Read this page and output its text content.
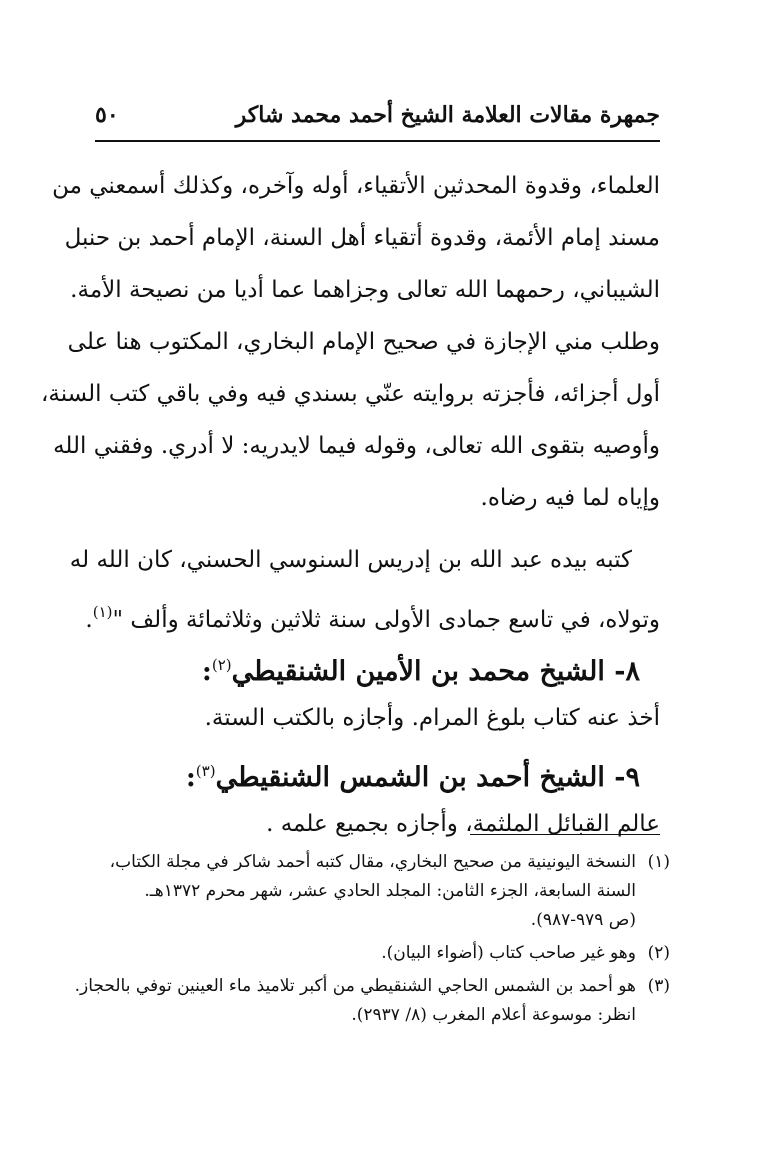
جمهرة مقالات العلامة الشيخ أحمد محمد شاكر
٥٠
العلماء، وقدوة المحدثين الأتقياء، أوله وآخره، وكذلك أسمعني من
مسند إمام الأئمة، وقدوة أتقياء أهل السنة، الإمام أحمد بن حنبل
الشيباني، رحمهما الله تعالى وجزاهما عما أديا من نصيحة الأمة.
وطلب مني الإجازة في صحيح الإمام البخاري، المكتوب هنا على
أول أجزائه، فأجزته بروايته عنّي بسندي فيه وفي باقي كتب السنة،
وأوصيه بتقوى الله تعالى، وقوله فيما لايدريه: لا أدري. وفقني الله
وإياه لما فيه رضاه.
كتبه بيده عبد الله بن إدريس السنوسي الحسني، كان الله له
وتولاه، في تاسع جمادى الأولى سنة ثلاثين وثلاثمائة وألف "$^{(١)}$.
٨- الشيخ محمد بن الأمين الشنقيطي$^{(٢)}$:
أخذ عنه كتاب بلوغ المرام. وأجازه بالكتب الستة.
٩- الشيخ أحمد بن الشمس الشنقيطي$^{(٣)}$:
عالم القبائل الملثمة، وأجازه بجميع علمه .
(١)
النسخة اليونينية من صحيح البخاري، مقال كتبه أحمد شاكر في مجلة الكتاب،
السنة السابعة، الجزء الثامن: المجلد الحادي عشر، شهر محرم ١٣٧٢هـ.
(ص ٩٧٩-٩٨٧).
(٢)
وهو غير صاحب كتاب (أضواء البيان).
(٣)
هو أحمد بن الشمس الحاجي الشنقيطي من أكبر تلاميذ ماء العينين توفي بالحجاز.
انظر: موسوعة أعلام المغرب (٨/ ٢٩٣٧).
